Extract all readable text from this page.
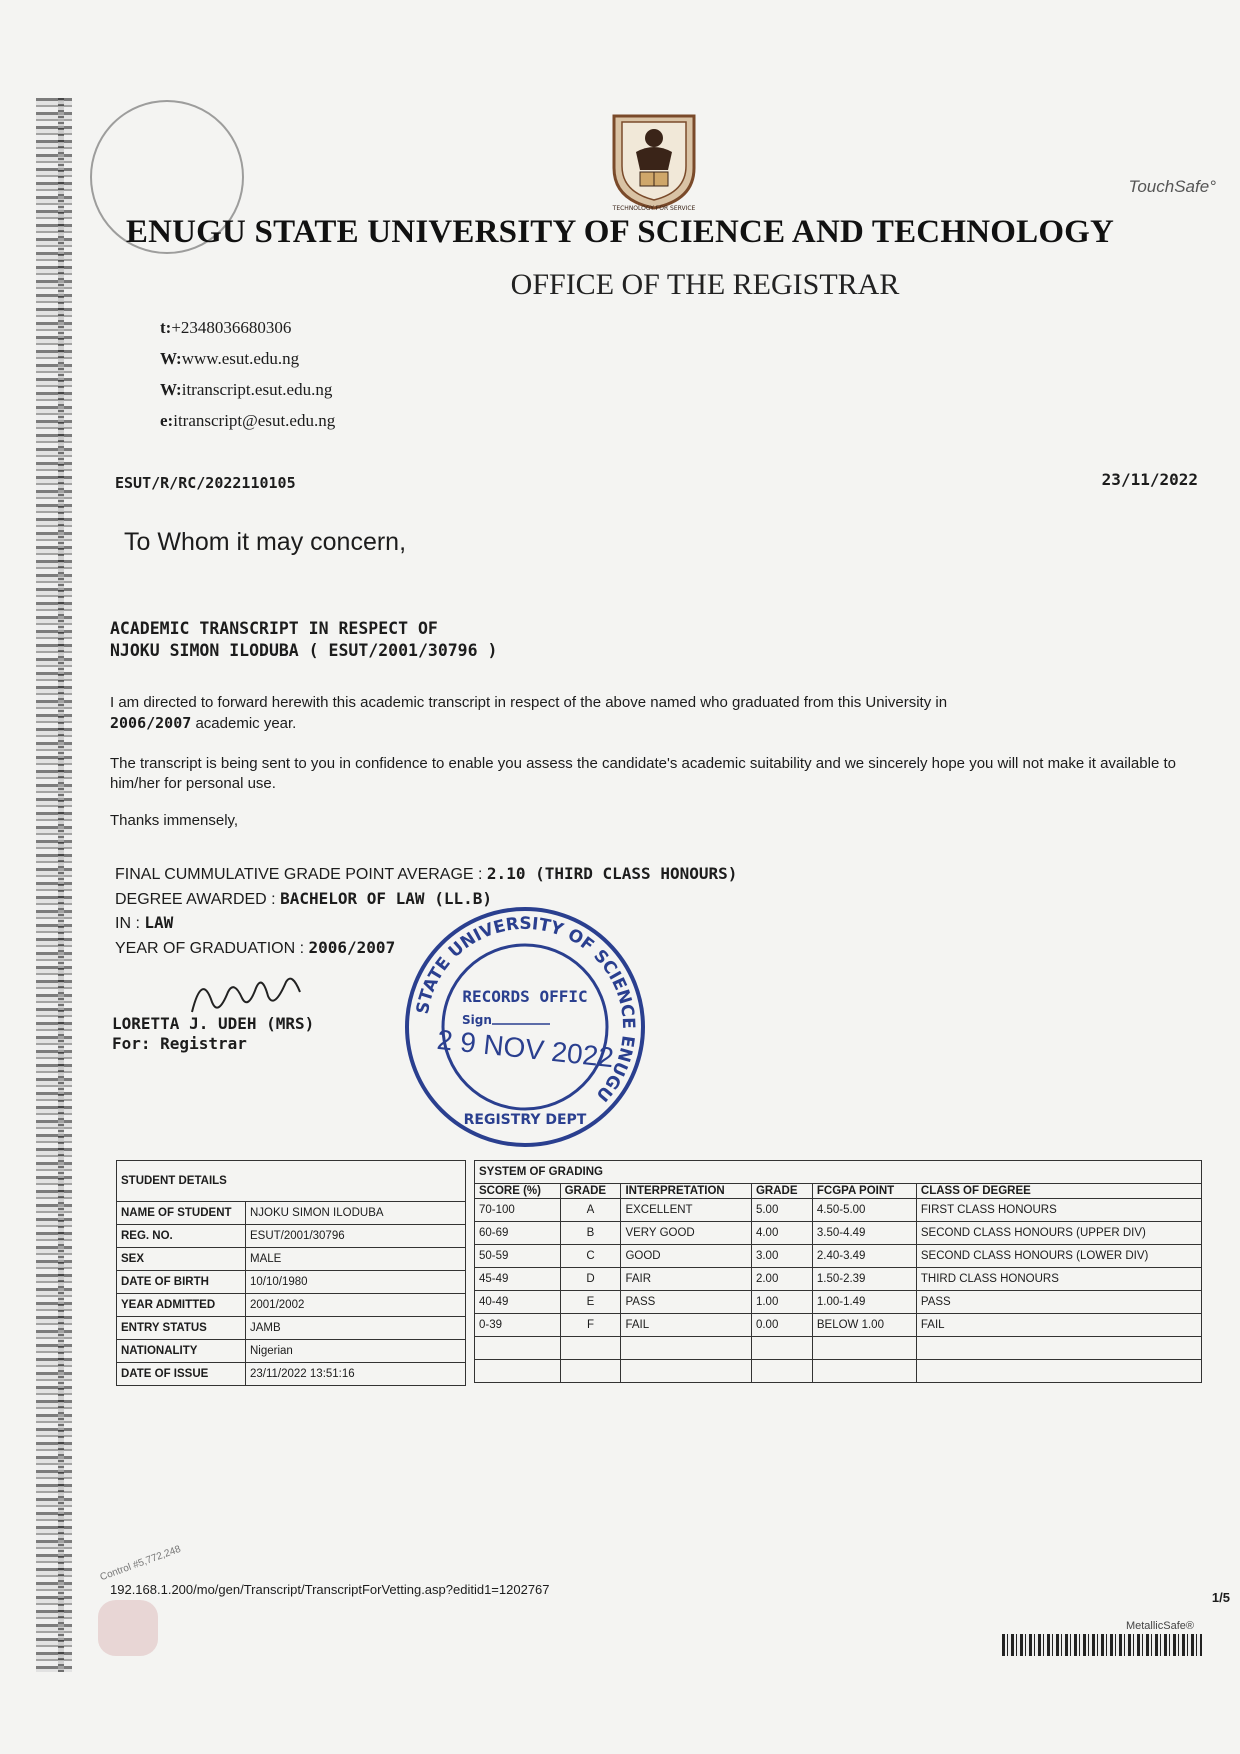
TECHNOLOGY FOR SERVICE
TouchSafe°
ENUGU STATE UNIVERSITY OF SCIENCE AND TECHNOLOGY
OFFICE OF THE REGISTRAR
t:+2348036680306
W:www.esut.edu.ng
W:itranscript.esut.edu.ng
e:itranscript@esut.edu.ng
ESUT/R/RC/2022110105	23/11/2022
To Whom it may concern,
ACADEMIC TRANSCRIPT IN RESPECT OF
NJOKU SIMON ILODUBA ( ESUT/2001/30796 )
I am directed to forward herewith this academic transcript in respect of the above named who graduated from this University in
2006/2007 academic year.
The transcript is being sent to you in confidence to enable you assess the candidate's academic suitability and we sincerely hope you will not make it available to him/her for personal use.
Thanks immensely,
FINAL CUMMULATIVE GRADE POINT AVERAGE : 2.10 (THIRD CLASS HONOURS)
DEGREE AWARDED : BACHELOR OF LAW (LL.B)
IN : LAW
YEAR OF GRADUATION : 2006/2007
LORETTA J. UDEH (MRS)
For: Registrar
STATE UNIVERSITY OF SCIENCE ENUGU
RECORDS OFFIC
Sign
2 9 NOV 2022
REGISTRY DEPT
STUDENT DETAILS	
NAME OF STUDENT	NJOKU SIMON ILODUBA
REG. NO.	ESUT/2001/30796
SEX	MALE
DATE OF BIRTH	10/10/1980
YEAR ADMITTED	2001/2002
ENTRY STATUS	JAMB
NATIONALITY	Nigerian
DATE OF ISSUE	23/11/2022 13:51:16
SYSTEM OF GRADING					
SCORE (%)	GRADE	INTERPRETATION	GRADE	FCGPA POINT	CLASS OF DEGREE
70-100	A	EXCELLENT	5.00	4.50-5.00	FIRST CLASS HONOURS
60-69	B	VERY GOOD	4.00	3.50-4.49	SECOND CLASS HONOURS (UPPER DIV)
50-59	C	GOOD	3.00	2.40-3.49	SECOND CLASS HONOURS (LOWER DIV)
45-49	D	FAIR	2.00	1.50-2.39	THIRD CLASS HONOURS
40-49	E	PASS	1.00	1.00-1.49	PASS
0-39	F	FAIL	0.00	BELOW 1.00	FAIL

Control #5,772,248
192.168.1.200/mo/gen/Transcript/TranscriptForVetting.asp?editid1=1202767
1/5
MetallicSafe®
